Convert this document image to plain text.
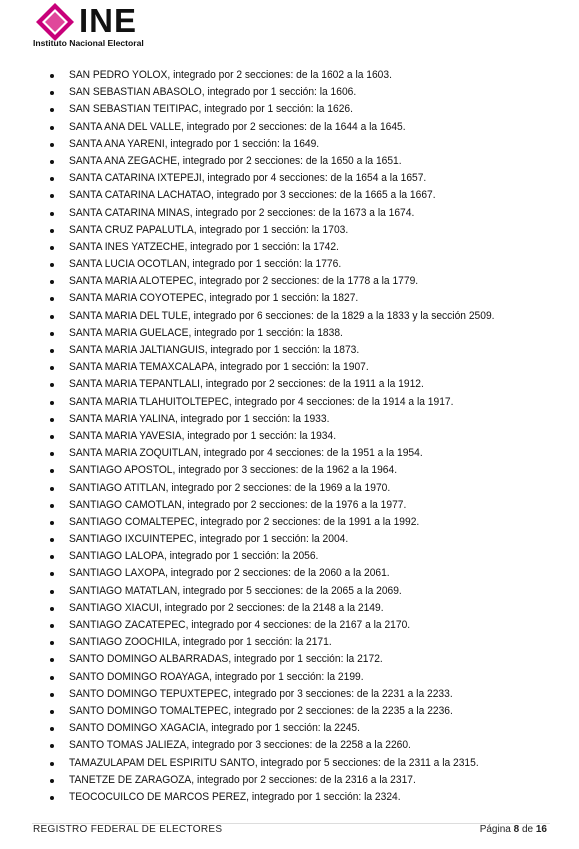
INE
Instituto Nacional Electoral
SAN PEDRO YOLOX, integrado por 2 secciones: de la 1602 a la 1603.
SAN SEBASTIAN ABASOLO, integrado por 1 sección: la 1606.
SAN SEBASTIAN TEITIPAC, integrado por 1 sección: la 1626.
SANTA ANA DEL VALLE, integrado por 2 secciones: de la 1644 a la 1645.
SANTA ANA YARENI, integrado por 1 sección: la 1649.
SANTA ANA ZEGACHE, integrado por 2 secciones: de la 1650 a la 1651.
SANTA CATARINA IXTEPEJI, integrado por 4 secciones: de la 1654 a la 1657.
SANTA CATARINA LACHATAO, integrado por 3 secciones: de la 1665 a la 1667.
SANTA CATARINA MINAS, integrado por 2 secciones: de la 1673 a la 1674.
SANTA CRUZ PAPALUTLA, integrado por 1 sección: la 1703.
SANTA INES YATZECHE, integrado por 1 sección: la 1742.
SANTA LUCIA OCOTLAN, integrado por 1 sección: la 1776.
SANTA MARIA ALOTEPEC, integrado por 2 secciones: de la 1778 a la 1779.
SANTA MARIA COYOTEPEC, integrado por 1 sección: la 1827.
SANTA MARIA DEL TULE, integrado por 6 secciones: de la 1829 a la 1833 y la sección 2509.
SANTA MARIA GUELACE, integrado por 1 sección: la 1838.
SANTA MARIA JALTIANGUIS, integrado por 1 sección: la 1873.
SANTA MARIA TEMAXCALAPA, integrado por 1 sección: la 1907.
SANTA MARIA TEPANTLALI, integrado por 2 secciones: de la 1911 a la 1912.
SANTA MARIA TLAHUITOLTEPEC, integrado por 4 secciones: de la 1914 a la 1917.
SANTA MARIA YALINA, integrado por 1 sección: la 1933.
SANTA MARIA YAVESIA, integrado por 1 sección: la 1934.
SANTA MARIA ZOQUITLAN, integrado por 4 secciones: de la 1951 a la 1954.
SANTIAGO APOSTOL, integrado por 3 secciones: de la 1962 a la 1964.
SANTIAGO ATITLAN, integrado por 2 secciones: de la 1969 a la 1970.
SANTIAGO CAMOTLAN, integrado por 2 secciones: de la 1976 a la 1977.
SANTIAGO COMALTEPEC, integrado por 2 secciones: de la 1991 a la 1992.
SANTIAGO IXCUINTEPEC, integrado por 1 sección: la 2004.
SANTIAGO LALOPA, integrado por 1 sección: la 2056.
SANTIAGO LAXOPA, integrado por 2 secciones: de la 2060 a la 2061.
SANTIAGO MATATLAN, integrado por 5 secciones: de la 2065 a la 2069.
SANTIAGO XIACUI, integrado por 2 secciones: de la 2148 a la 2149.
SANTIAGO ZACATEPEC, integrado por 4 secciones: de la 2167 a la 2170.
SANTIAGO ZOOCHILA, integrado por 1 sección: la 2171.
SANTO DOMINGO ALBARRADAS, integrado por 1 sección: la 2172.
SANTO DOMINGO ROAYAGA, integrado por 1 sección: la 2199.
SANTO DOMINGO TEPUXTEPEC, integrado por 3 secciones: de la 2231 a la 2233.
SANTO DOMINGO TOMALTEPEC, integrado por 2 secciones: de la 2235 a la 2236.
SANTO DOMINGO XAGACIA, integrado por 1 sección: la 2245.
SANTO TOMAS JALIEZA, integrado por 3 secciones: de la 2258 a la 2260.
TAMAZULAPAM DEL ESPIRITU SANTO, integrado por 5 secciones: de la 2311 a la 2315.
TANETZE DE ZARAGOZA, integrado por 2 secciones: de la 2316 a la 2317.
TEOCOCUILCO DE MARCOS PEREZ, integrado por 1 sección: la 2324.
REGISTRO FEDERAL DE ELECTORES	Página 8 de 16
